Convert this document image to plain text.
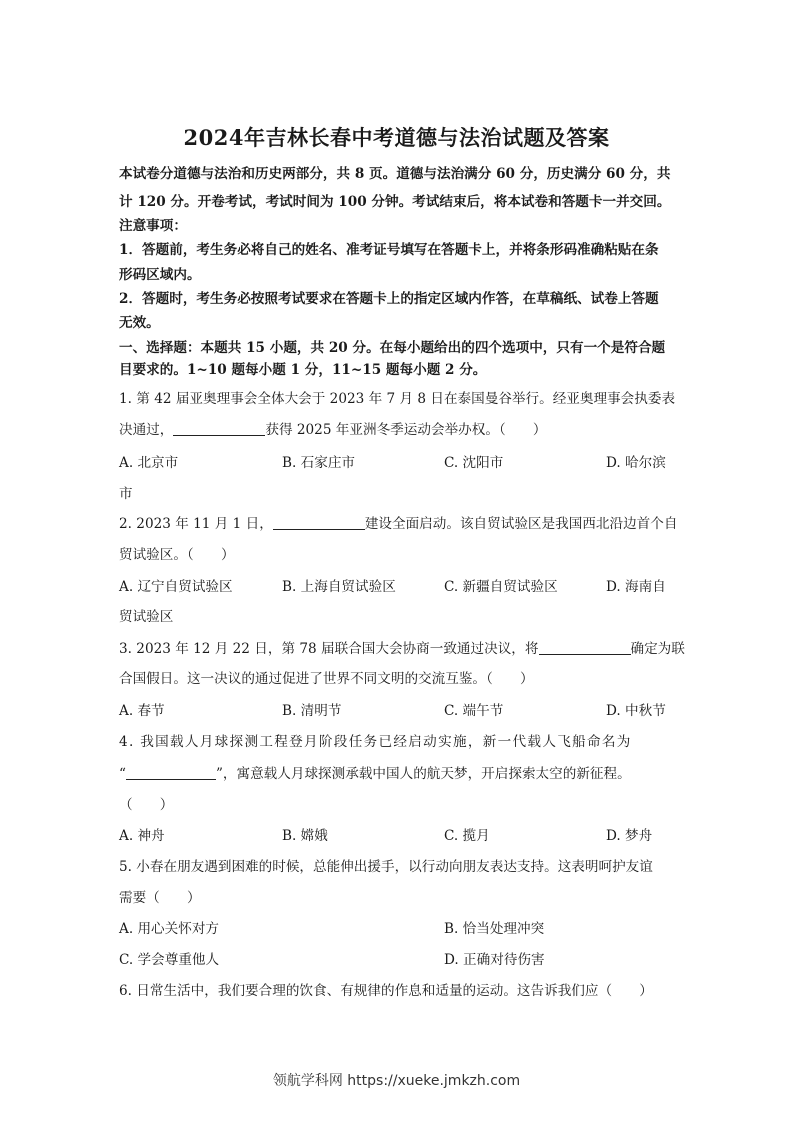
2024年吉林长春中考道德与法治试题及答案
本试卷分道德与法治和历史两部分，共 8 页。道德与法治满分 60 分，历史满分 60 分，共
计 120 分。开卷考试，考试时间为 100 分钟。考试结束后，将本试卷和答题卡一并交回。
注意事项：
1．答题前，考生务必将自己的姓名、准考证号填写在答题卡上，并将条形码准确粘贴在条
形码区域内。
2．答题时，考生务必按照考试要求在答题卡上的指定区域内作答，在草稿纸、试卷上答题
无效。
一、选择题：本题共 15 小题，共 20 分。在每小题给出的四个选项中，只有一个是符合题
目要求的。1~10 题每小题 1 分，11~15 题每小题 2 分。
1. 第 42 届亚奥理事会全体大会于 2023 年 7 月 8 日在泰国曼谷举行。经亚奥理事会执委表
决通过，	获得 2025 年亚洲冬季运动会举办权。（　　）
A. 北京市	B. 石家庄市	C. 沈阳市	D. 哈尔滨
市
2. 2023 年 11 月 1 日，	建设全面启动。该自贸试验区是我国西北沿边首个自
贸试验区。（　　）
A. 辽宁自贸试验区	B. 上海自贸试验区	C. 新疆自贸试验区	D. 海南自
贸试验区
3. 2023 年 12 月 22 日，第 78 届联合国大会协商一致通过决议，将	确定为联
合国假日。这一决议的通过促进了世界不同文明的交流互鉴。（　　）
A. 春节	B. 清明节	C. 端午节	D. 中秋节
4. 我国载人月球探测工程登月阶段任务已经启动实施，新一代载人飞船命名为
“	”，寓意载人月球探测承载中国人的航天梦，开启探索太空的新征程。
（　　）
A. 神舟	B. 嫦娥	C. 揽月	D. 梦舟
5. 小春在朋友遇到困难的时候，总能伸出援手，以行动向朋友表达支持。这表明呵护友谊
需要（　　）
A. 用心关怀对方	B. 恰当处理冲突
C. 学会尊重他人	D. 正确对待伤害
6. 日常生活中，我们要合理的饮食、有规律的作息和适量的运动。这告诉我们应（　　）
领航学科网 https://xueke.jmkzh.com
